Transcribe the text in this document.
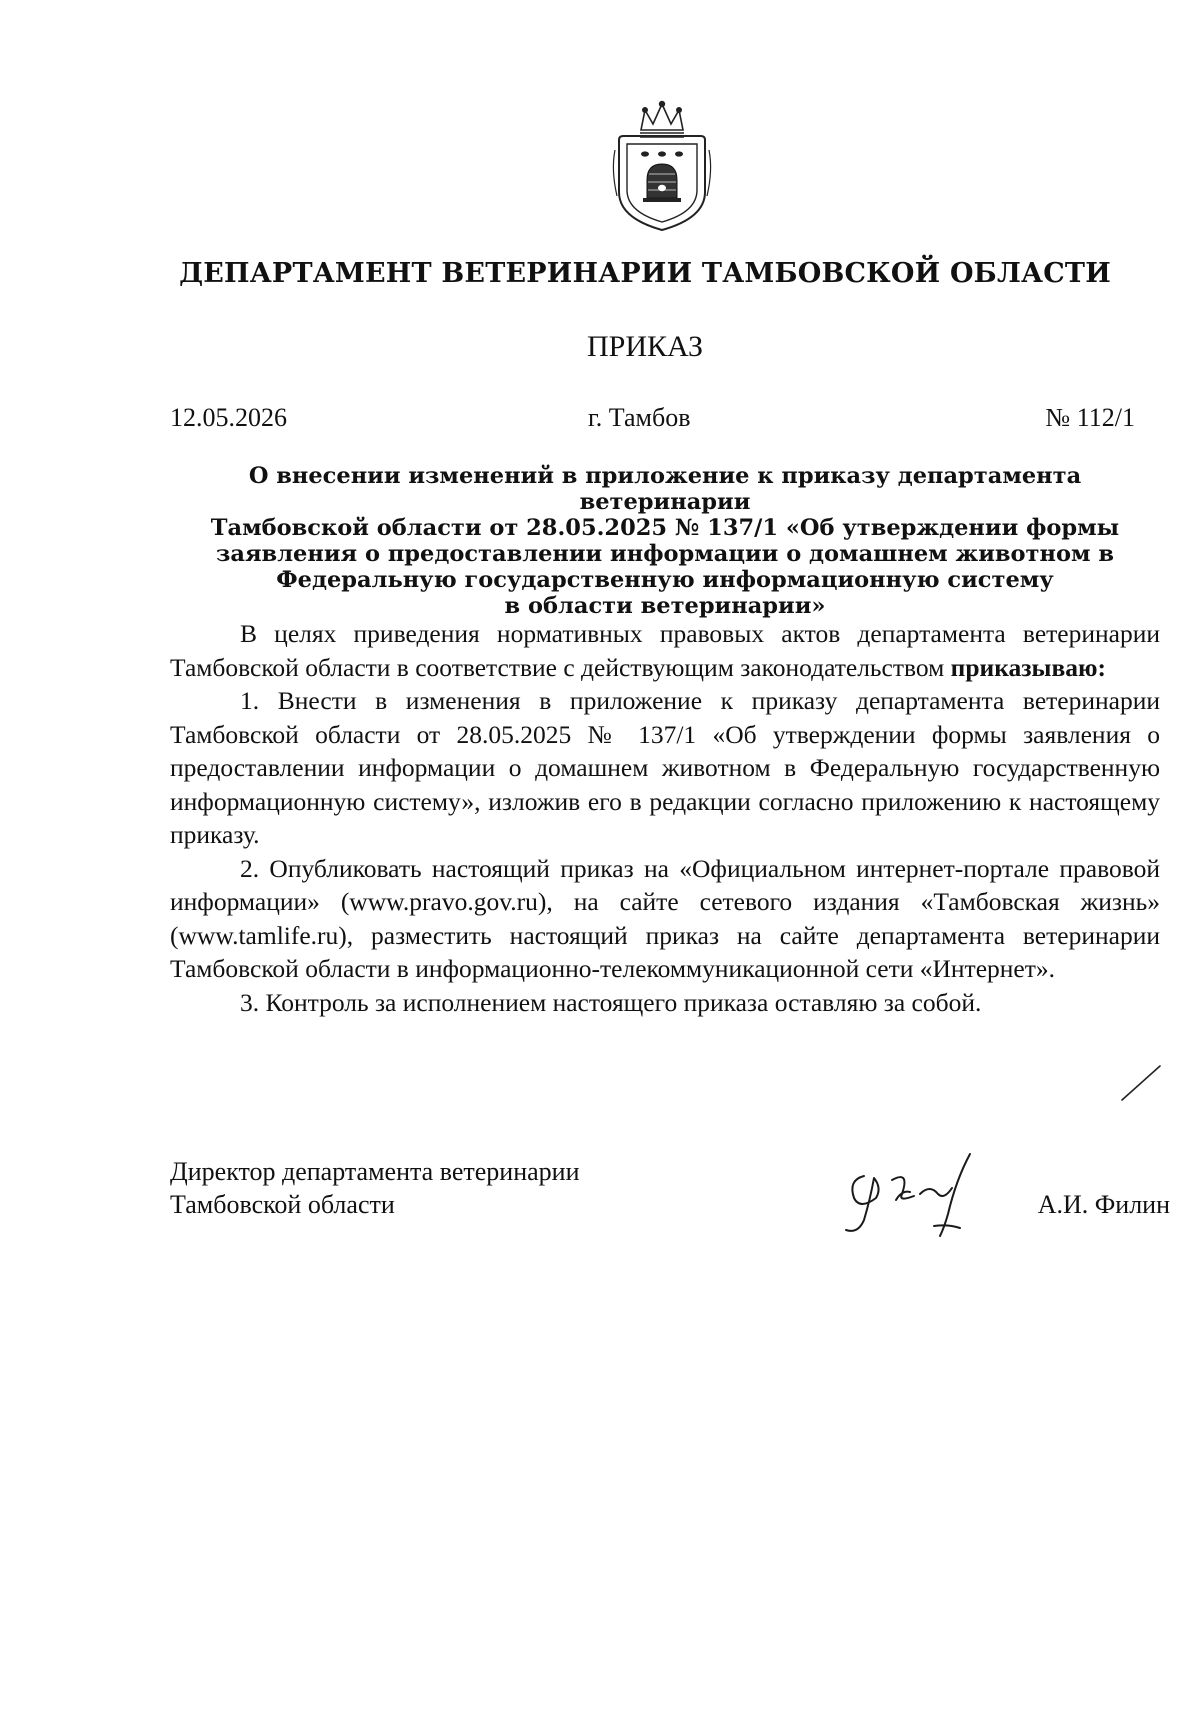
ДЕПАРТАМЕНТ ВЕТЕРИНАРИИ ТАМБОВСКОЙ ОБЛАСТИ
ПРИКАЗ
12.05.2026	г. Тамбов	№ 112/1
О внесении изменений в приложение к приказу департамента ветеринарии
Тамбовской области от 28.05.2025 № 137/1 «Об утверждении формы
заявления о предоставлении информации о домашнем животном в
Федеральную государственную информационную систему
в области ветеринарии»

В целях приведения нормативных правовых актов департамента ветеринарии Тамбовской области в соответствие с действующим законодательством приказываю:

1. Внести в изменения в приложение к приказу департамента ветеринарии Тамбовской области от 28.05.2025 № 137/1 «Об утверждении формы заявления о предоставлении информации о домашнем животном в Федеральную государственную информационную систему», изложив его в редакции согласно приложению к настоящему приказу.

2. Опубликовать настоящий приказ на «Официальном интернет-портале правовой информации» (www.pravo.gov.ru), на сайте сетевого издания «Тамбовская жизнь» (www.tamlife.ru), разместить настоящий приказ на сайте департамента ветеринарии Тамбовской области в информационно-телекоммуникационной сети «Интернет».

3. Контроль за исполнением настоящего приказа оставляю за собой.

Директор департамента ветеринарии
Тамбовской области	А.И. Филин
